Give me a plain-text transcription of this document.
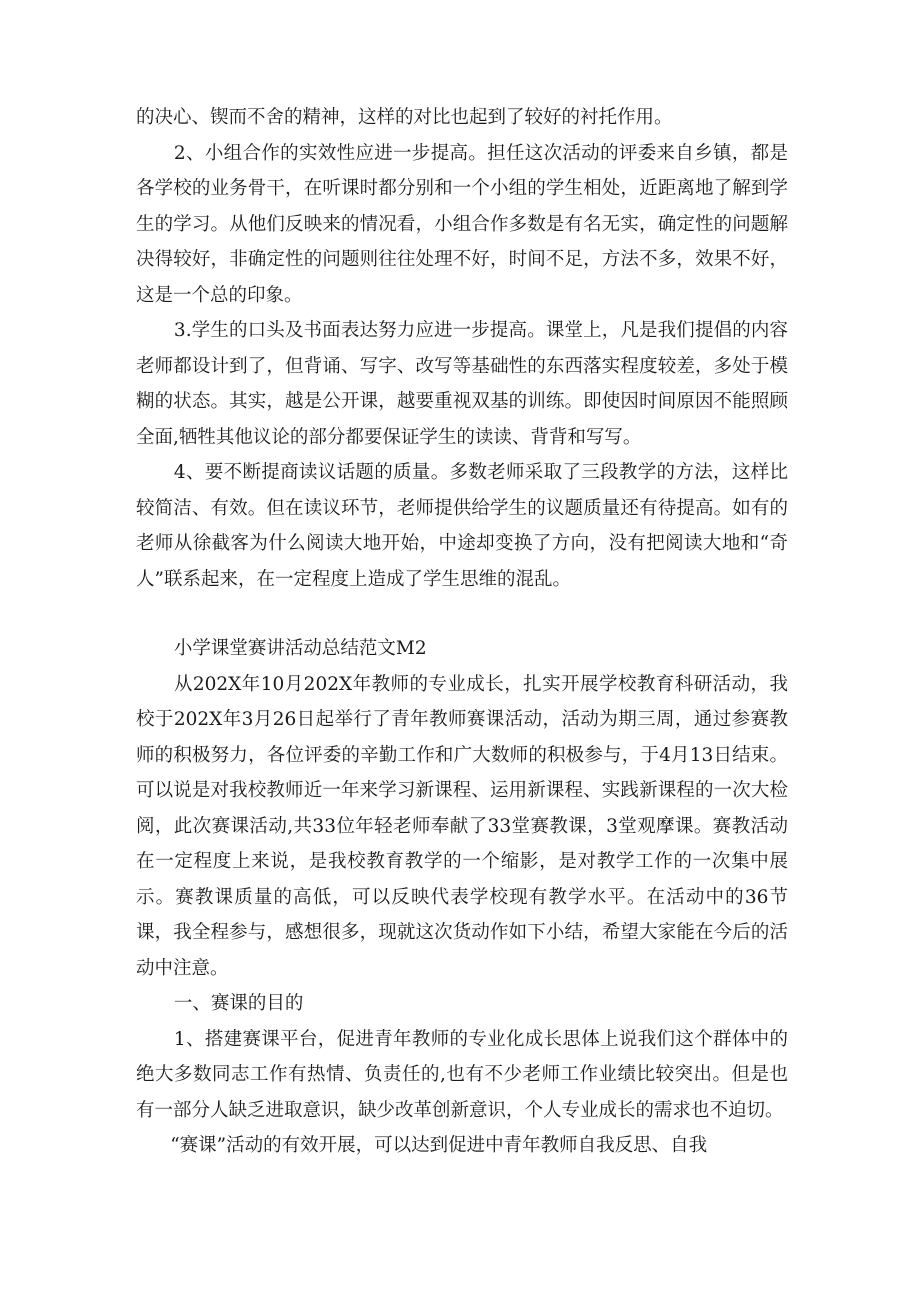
的决心、锲而不舍的精神，这样的对比也起到了较好的衬托作用。

2、小组合作的实效性应进一步提高。担任这次活动的评委来自乡镇，都是各学校的业务骨干，在听课时都分别和一个小组的学生相处，近距离地了解到学生的学习。从他们反映来的情况看，小组合作多数是有名无实，确定性的问题解决得较好，非确定性的问题则往往处理不好，时间不足，方法不多，效果不好，这是一个总的印象。

3.学生的口头及书面表达努力应进一步提高。课堂上，凡是我们提倡的内容老师都设计到了，但背诵、写字、改写等基础性的东西落实程度较差，多处于模糊的状态。其实，越是公开课，越要重视双基的训练。即使因时间原因不能照顾全面,牺牲其他议论的部分都要保证学生的读读、背背和写写。

4、要不断提商读议话题的质量。多数老师采取了三段教学的方法，这样比较简洁、有效。但在读议环节，老师提供给学生的议题质量还有待提高。如有的老师从徐截客为什么阅读大地开始，中途却变换了方向，没有把阅读大地和“奇人”联系起来，在一定程度上造成了学生思维的混乱。

小学课堂赛讲活动总结范文M2

从202X年10月202X年教师的专业成长，扎实开展学校教育科研活动，我校于202X年3月26日起举行了青年教师赛课活动，活动为期三周，通过参赛教师的积极努力，各位评委的辛勤工作和广大数师的积极参与，于4月13日结束。可以说是对我校教师近一年来学习新课程、运用新课程、实践新课程的一次大检阅，此次赛课活动,共33位年轻老师奉献了33堂赛教课，3堂观摩课。赛教活动在一定程度上来说，是我校教育教学的一个缩影，是对教学工作的一次集中展示。赛教课质量的高低，可以反映代表学校现有教学水平。在活动中的36节课，我全程参与，感想很多，现就这次货动作如下小结，希望大家能在今后的活动中注意。

一、赛课的目的

1、搭建赛课平台，促进青年教师的专业化成长思体上说我们这个群体中的绝大多数同志工作有热情、负责任的,也有不少老师工作业绩比较突出。但是也有一部分人缺乏进取意识，缺少改革创新意识，个人专业成长的需求也不迫切。

“赛课”活动的有效开展，可以达到促进中青年教师自我反思、自我
